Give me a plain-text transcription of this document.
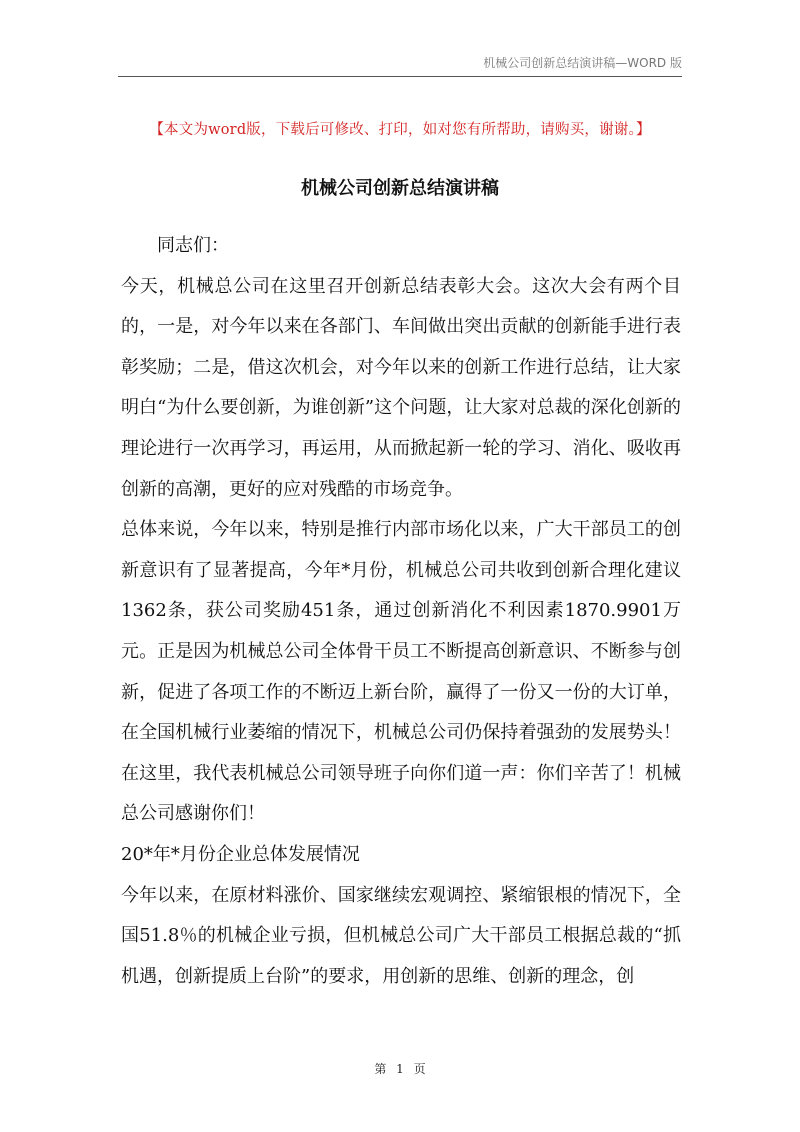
机械公司创新总结演讲稿—WORD 版
【本文为word版，下载后可修改、打印，如对您有所帮助，请购买，谢谢。】
机械公司创新总结演讲稿

同志们：

今天，机械总公司在这里召开创新总结表彰大会。这次大会有两个目的，一是，对今年以来在各部门、车间做出突出贡献的创新能手进行表彰奖励；二是，借这次机会，对今年以来的创新工作进行总结，让大家明白“为什么要创新，为谁创新”这个问题，让大家对总裁的深化创新的理论进行一次再学习，再运用，从而掀起新一轮的学习、消化、吸收再创新的高潮，更好的应对残酷的市场竞争。

总体来说，今年以来，特别是推行内部市场化以来，广大干部员工的创新意识有了显著提高，今年*月份，机械总公司共收到创新合理化建议1362条，获公司奖励451条，通过创新消化不利因素1870.9901万元。正是因为机械总公司全体骨干员工不断提高创新意识、不断参与创新，促进了各项工作的不断迈上新台阶，赢得了一份又一份的大订单，在全国机械行业萎缩的情况下，机械总公司仍保持着强劲的发展势头！在这里，我代表机械总公司领导班子向你们道一声：你们辛苦了！机械总公司感谢你们！

20*年*月份企业总体发展情况

今年以来，在原材料涨价、国家继续宏观调控、紧缩银根的情况下，全国51.8％的机械企业亏损，但机械总公司广大干部员工根据总裁的“抓机遇，创新提质上台阶”的要求，用创新的思维、创新的理念，创

第 1 页
